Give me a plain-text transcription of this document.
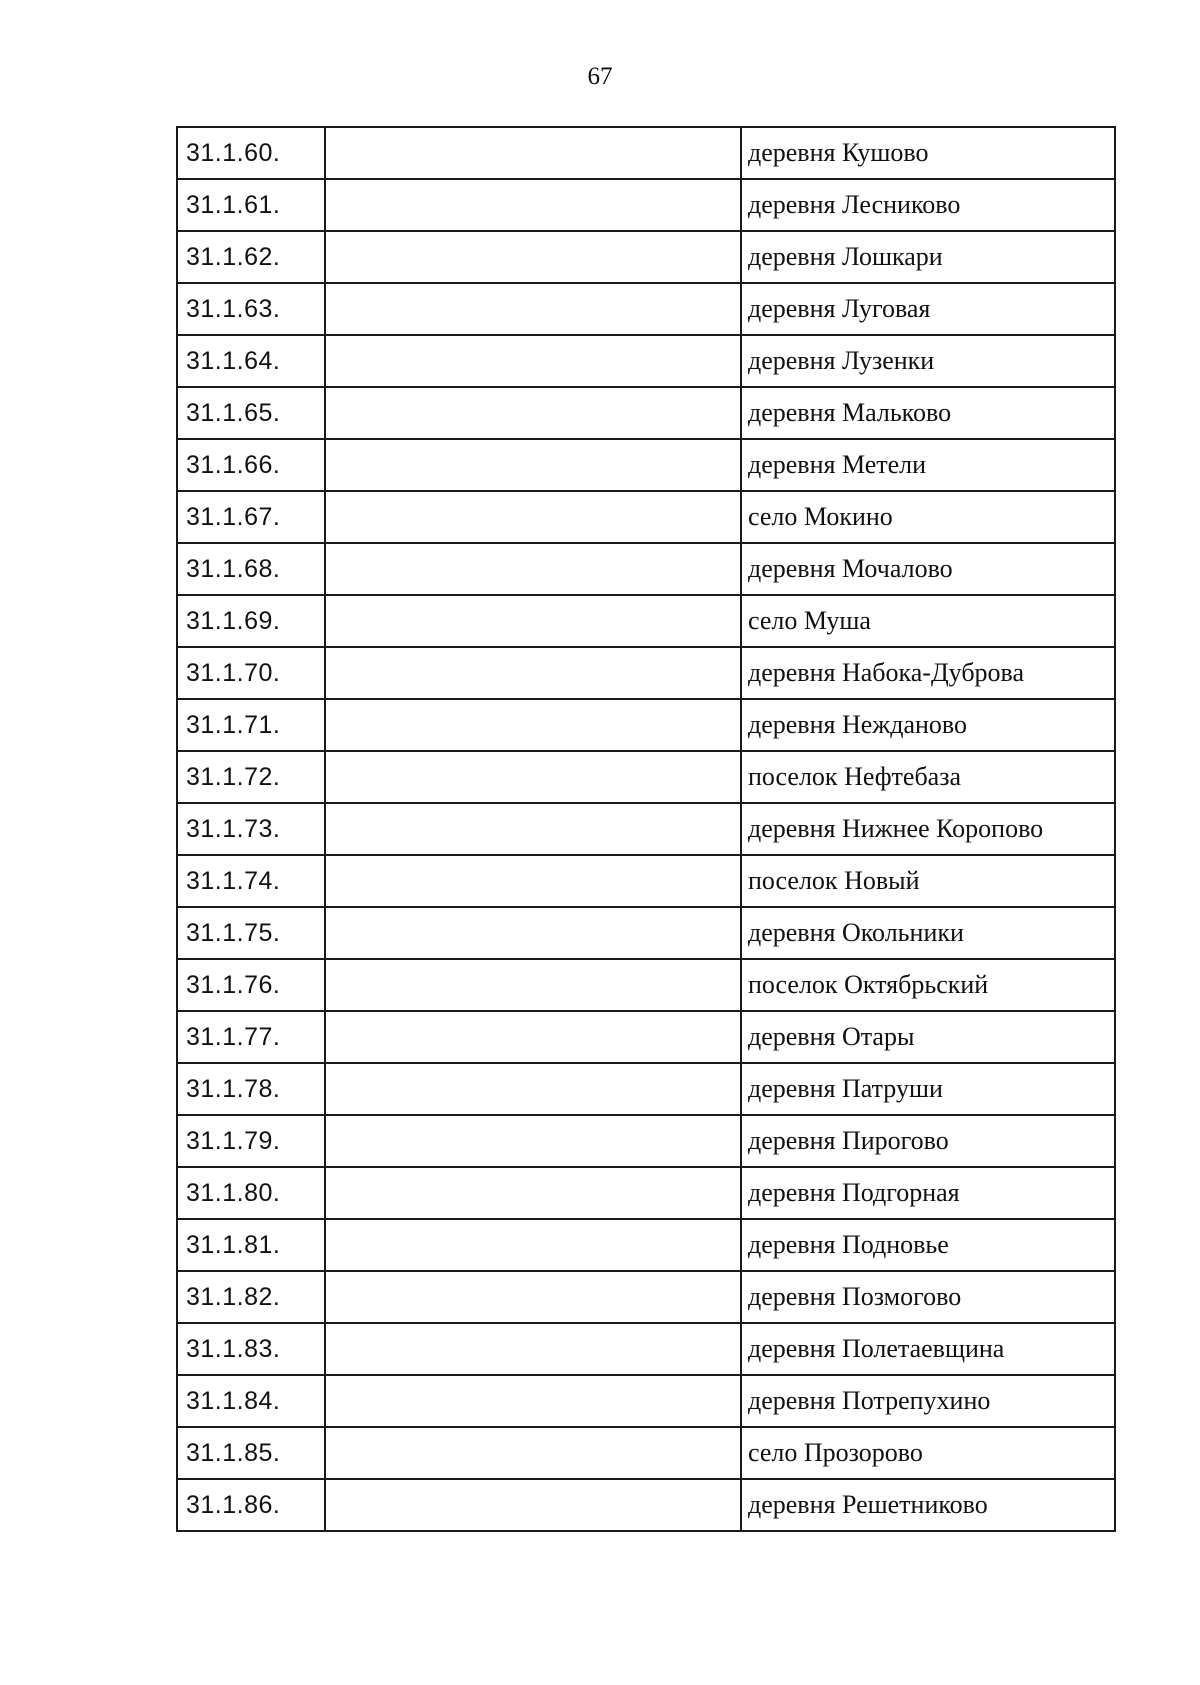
67
31.1.60.		деревня Кушово
31.1.61.		деревня Лесниково
31.1.62.		деревня Лошкари
31.1.63.		деревня Луговая
31.1.64.		деревня Лузенки
31.1.65.		деревня Мальково
31.1.66.		деревня Метели
31.1.67.		село Мокино
31.1.68.		деревня Мочалово
31.1.69.		село Муша
31.1.70.		деревня Набока-Дуброва
31.1.71.		деревня Нежданово
31.1.72.		поселок Нефтебаза
31.1.73.		деревня Нижнее Коропово
31.1.74.		поселок Новый
31.1.75.		деревня Окольники
31.1.76.		поселок Октябрьский
31.1.77.		деревня Отары
31.1.78.		деревня Патруши
31.1.79.		деревня Пирогово
31.1.80.		деревня Подгорная
31.1.81.		деревня Подновье
31.1.82.		деревня Позмогово
31.1.83.		деревня Полетаевщина
31.1.84.		деревня Потрепухино
31.1.85.		село Прозорово
31.1.86.		деревня Решетниково
